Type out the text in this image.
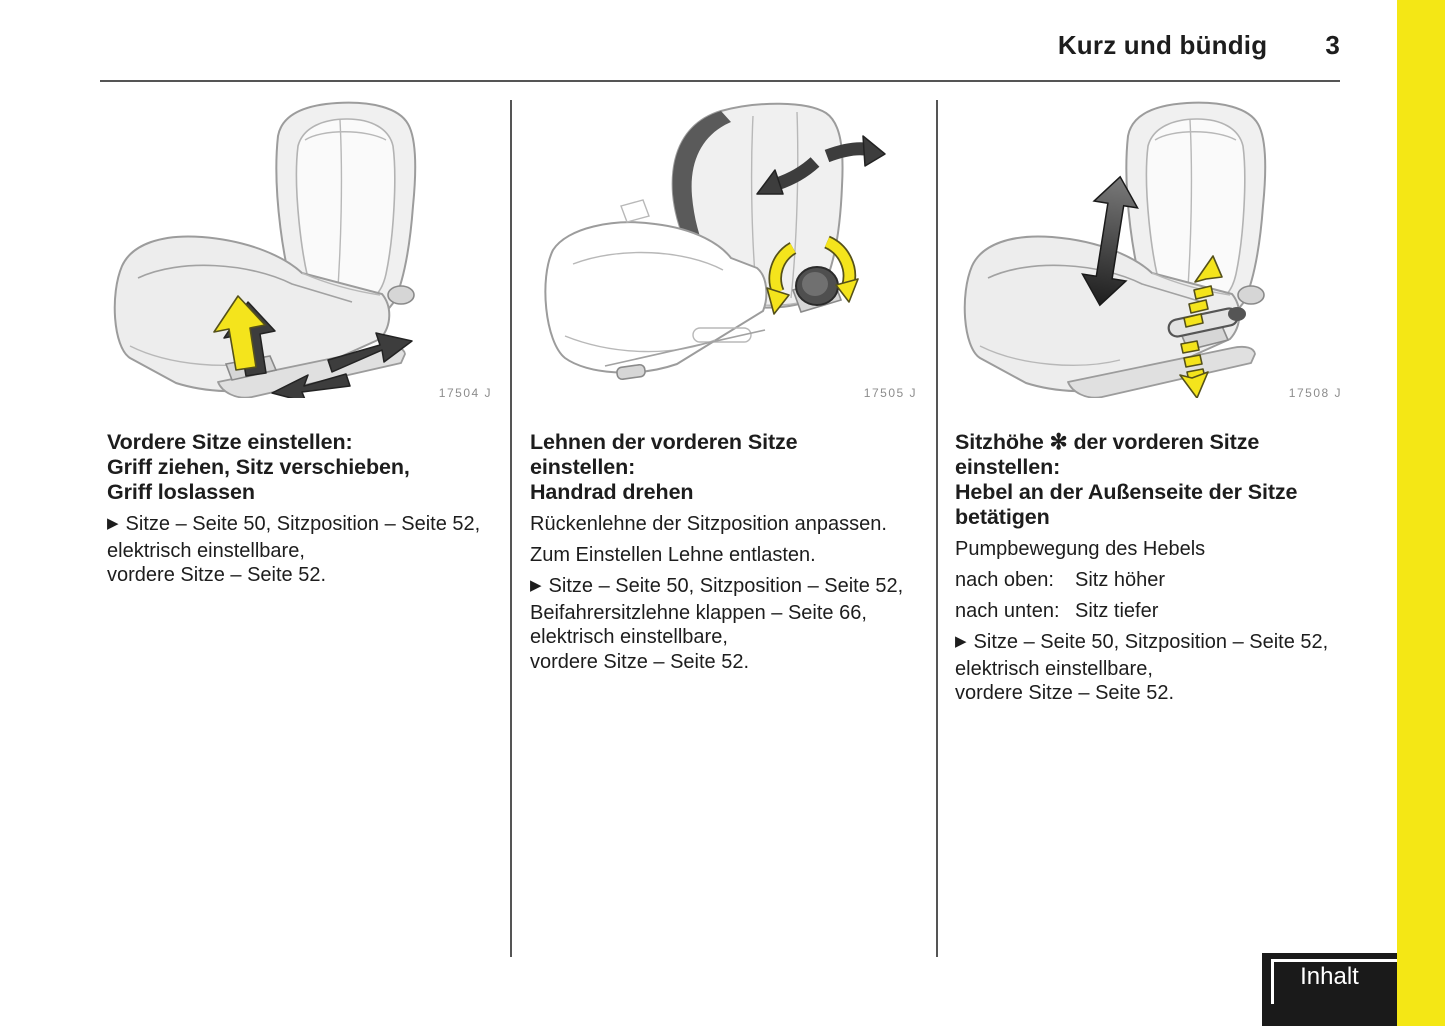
Kurz und bündig 3
17504 J	17505 J	17508 J
Vordere Sitze einstellen:
Griff ziehen, Sitz verschieben,
Griff loslassen

▶ Sitze – Seite 50, Sitzposition – Seite 52,
elektrisch einstellbare,
vordere Sitze – Seite 52.

Lehnen der vorderen Sitze
einstellen:
Handrad drehen

Rückenlehne der Sitzposition anpassen.

Zum Einstellen Lehne entlasten.

▶ Sitze – Seite 50, Sitzposition – Seite 52,
Beifahrersitzlehne klappen – Seite 66,
elektrisch einstellbare,
vordere Sitze – Seite 52.

Sitzhöhe ✻ der vorderen Sitze
einstellen:
Hebel an der Außenseite der Sitze
betätigen

Pumpbewegung des Hebels

nach oben: Sitz höher

nach unten: Sitz tiefer

▶ Sitze – Seite 50, Sitzposition – Seite 52,
elektrisch einstellbare,
vordere Sitze – Seite 52.

Inhalt
